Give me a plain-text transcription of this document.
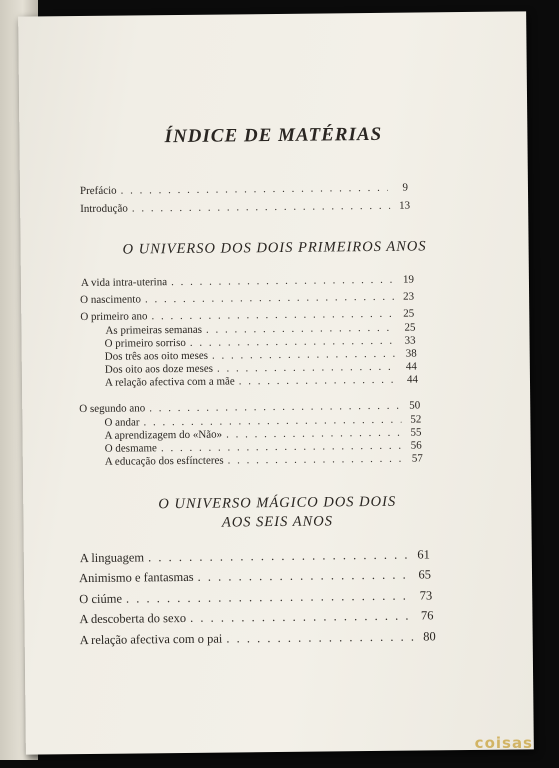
ÍNDICE DE MATÉRIAS
Prefácio . . .	9
Introdução . . .	13
O UNIVERSO DOS DOIS PRIMEIROS ANOS
A vida intra-uterina . . .	19
O nascimento . . .	23
O primeiro ano . . .	25
As primeiras semanas . . .	25
O primeiro sorriso . . .	33
Dos três aos oito meses . . .	38
Dos oito aos doze meses . . .	44
A relação afectiva com a mãe . . .	44
O segundo ano . . .	50
O andar . . .	52
A aprendizagem do «Não» . . .	55
O desmame . . .	56
A educação dos esfíncteres . . .	57
O UNIVERSO MÁGICO DOS DOIS
AOS SEIS ANOS
A linguagem . . .	61
Animismo e fantasmas . . .	65
O ciúme . . .	73
A descoberta do sexo . . .	76
A relação afectiva com o pai . . .	80
coisas
